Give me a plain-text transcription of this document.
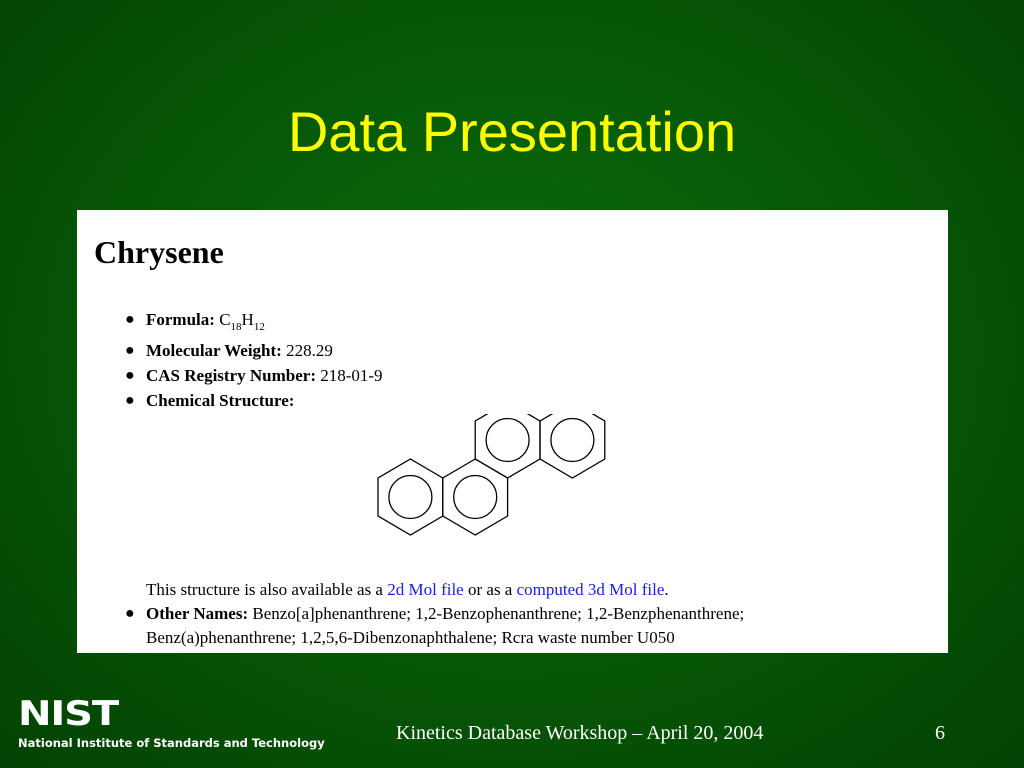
Data Presentation
Chrysene
● Formula: $C_{18}H_{12}$
● Molecular Weight: 228.29
● CAS Registry Number: 218-01-9
● Chemical Structure:
This structure is also available as a 2d Mol file or as a computed 3d Mol file.
● Other Names: Benzo[a]phenanthrene; 1,2-Benzophenanthrene; 1,2-Benzphenanthrene;
Benz(a)phenanthrene; 1,2,5,6-Dibenzonaphthalene; Rcra waste number U050
NIST
National Institute of Standards and Technology	Kinetics Database Workshop – April 20, 2004	6
